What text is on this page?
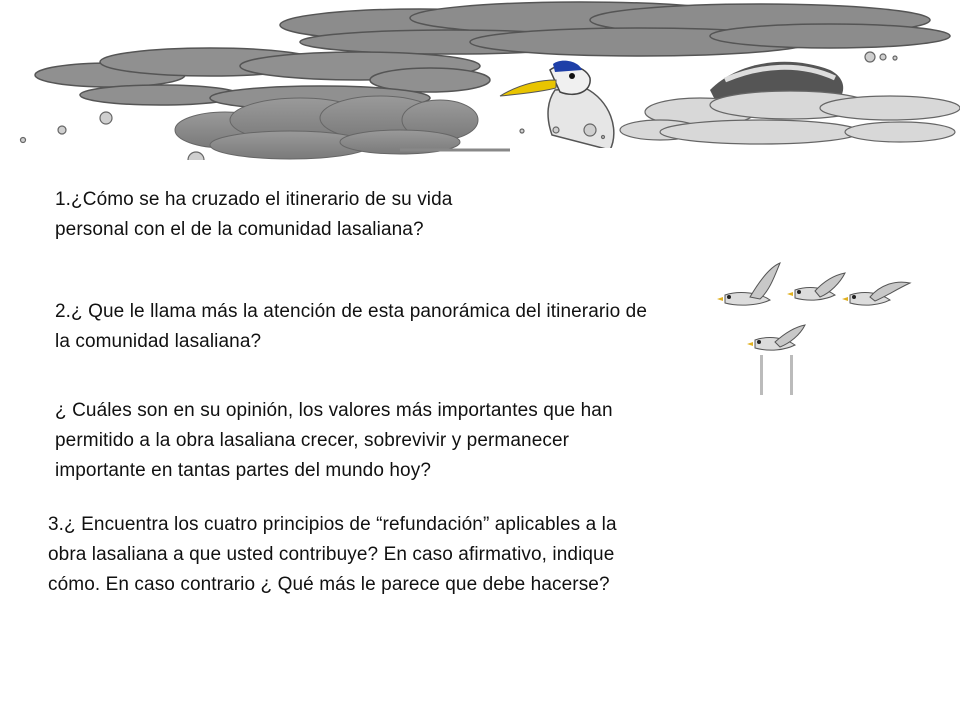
1.¿Cómo se ha cruzado el itinerario de su vida personal con el de la comunidad lasaliana?

2.¿ Que le llama más la atención de esta panorámica del itinerario de la comunidad lasaliana?

¿ Cuáles son en su opinión, los valores más importantes que han permitido a la obra lasaliana crecer, sobrevivir y permanecer importante en tantas partes del mundo hoy?

3.¿ Encuentra los cuatro principios de “refundación” aplicables a la obra lasaliana a que usted contribuye? En caso afirmativo, indique cómo. En caso contrario ¿ Qué más le parece que debe hacerse?
